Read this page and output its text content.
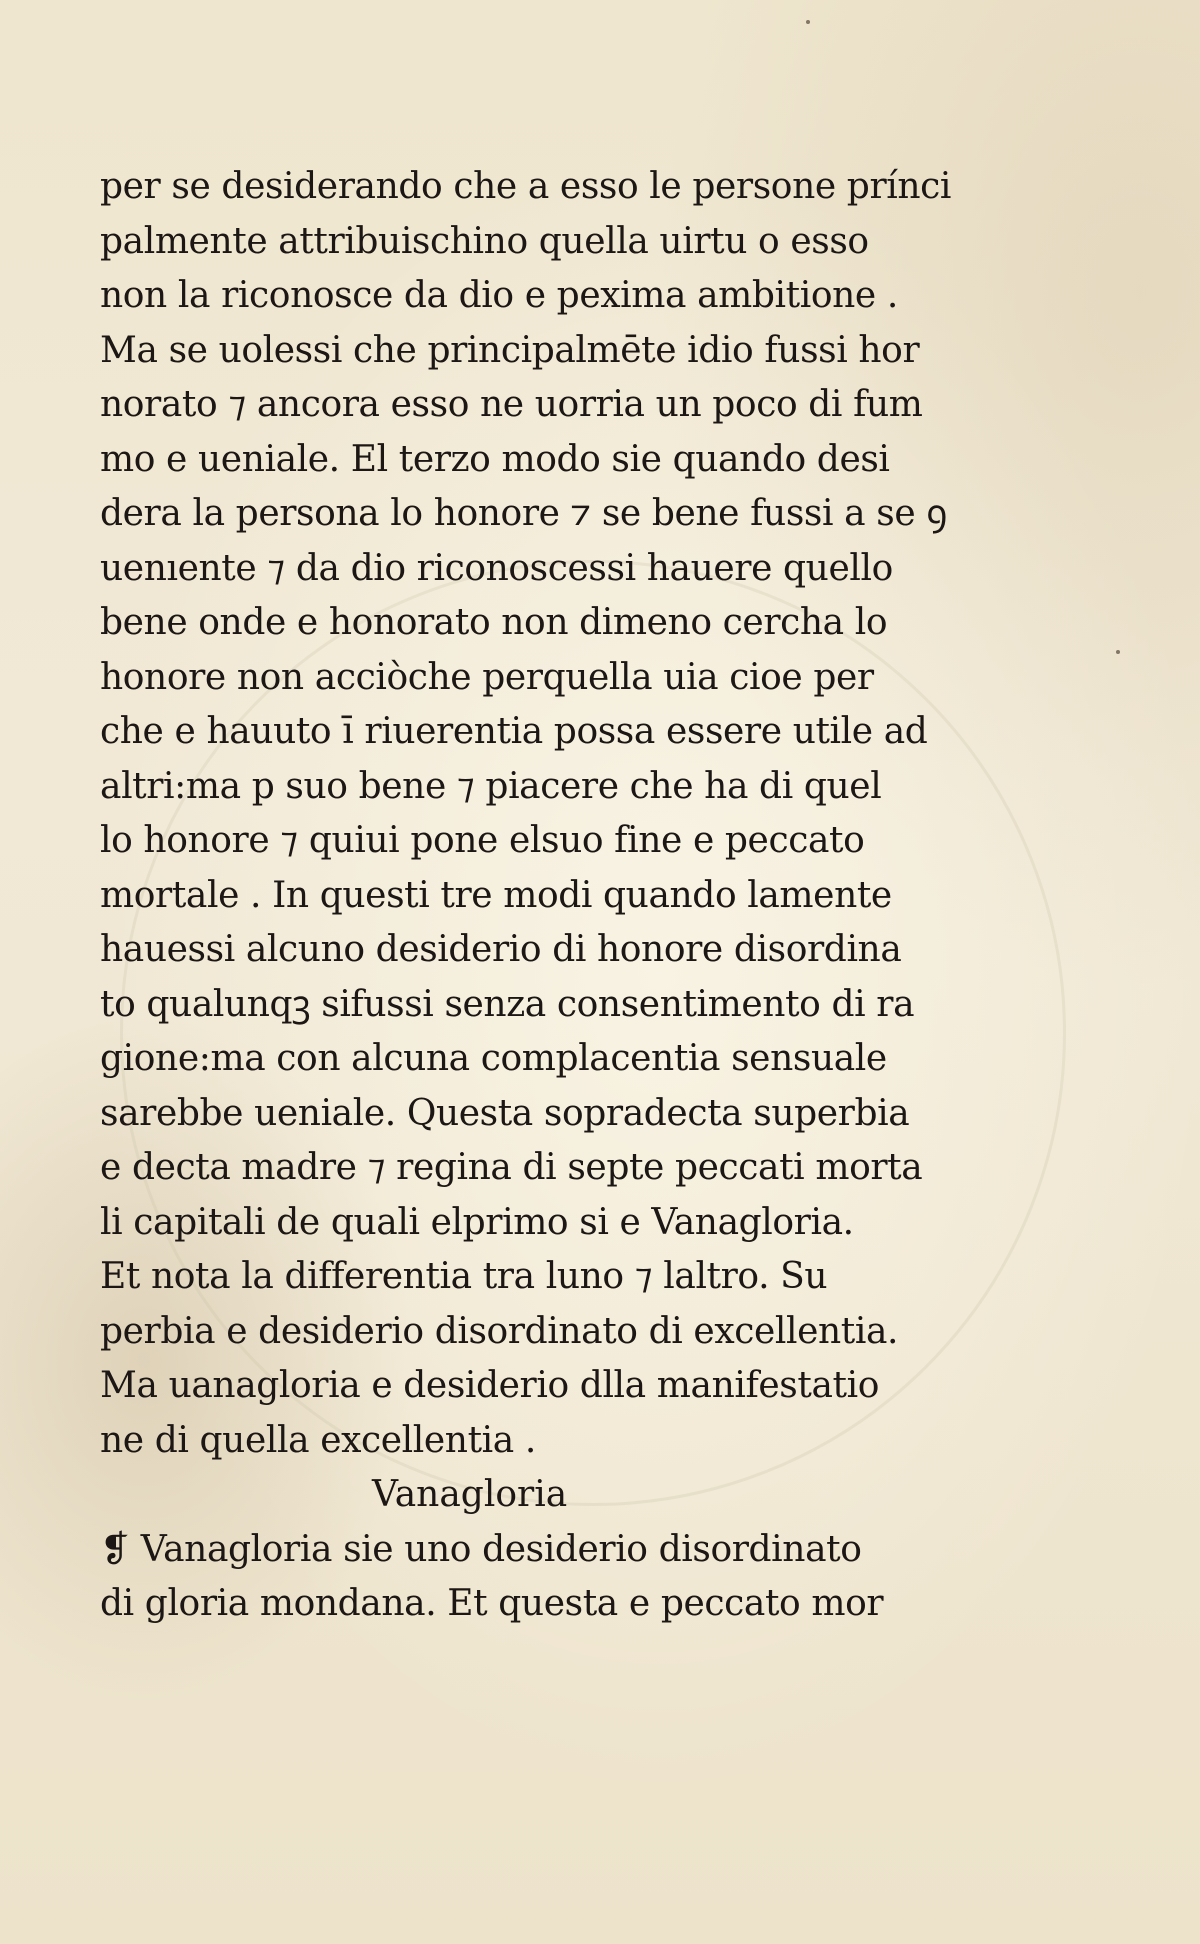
per se desiderando che a esso le persone prínci
palmente attribuischino quella uirtu o esso
non la riconosce da dio e pexima ambitione .
Ma se uolessi che principalmēte idio fussi hor
norato ⁊ ancora esso ne uorria un poco di fum
mo e ueniale. El terzo modo sie quando desi
dera la persona lo honore ⁊ se bene fussi a se ꝯ
uenıente ⁊ da dio riconoscessi hauere quello
bene onde e honorato non dimeno cercha lo
honore non acciòche perquella uia cioe per
che e hauuto ī riuerentia possa essere utile ad
altri:ma p suo bene ⁊ piacere che ha di quel
lo honore ⁊ quiui pone elsuo fine e peccato
mortale . In questi tre modi quando lamente
hauessi alcuno desiderio di honore disordina
to qualunqꝫ sifussi senza consentimento di ra
gione:ma con alcuna complacentia sensuale
sarebbe ueniale. Questa sopradecta superbia
e decta madre ⁊ regina di septe peccati morta
li capitali de quali elprimo si e Vanagloria.
Et nota la differentia tra luno ⁊ laltro. Su
perbia e desiderio disordinato di excellentia.
Ma uanagloria e desiderio dlla manifestatio
ne di quella excellentia .
Vanagloria
❡ Vanagloria sie uno desiderio disordinato
di gloria mondana. Et questa e peccato mor
